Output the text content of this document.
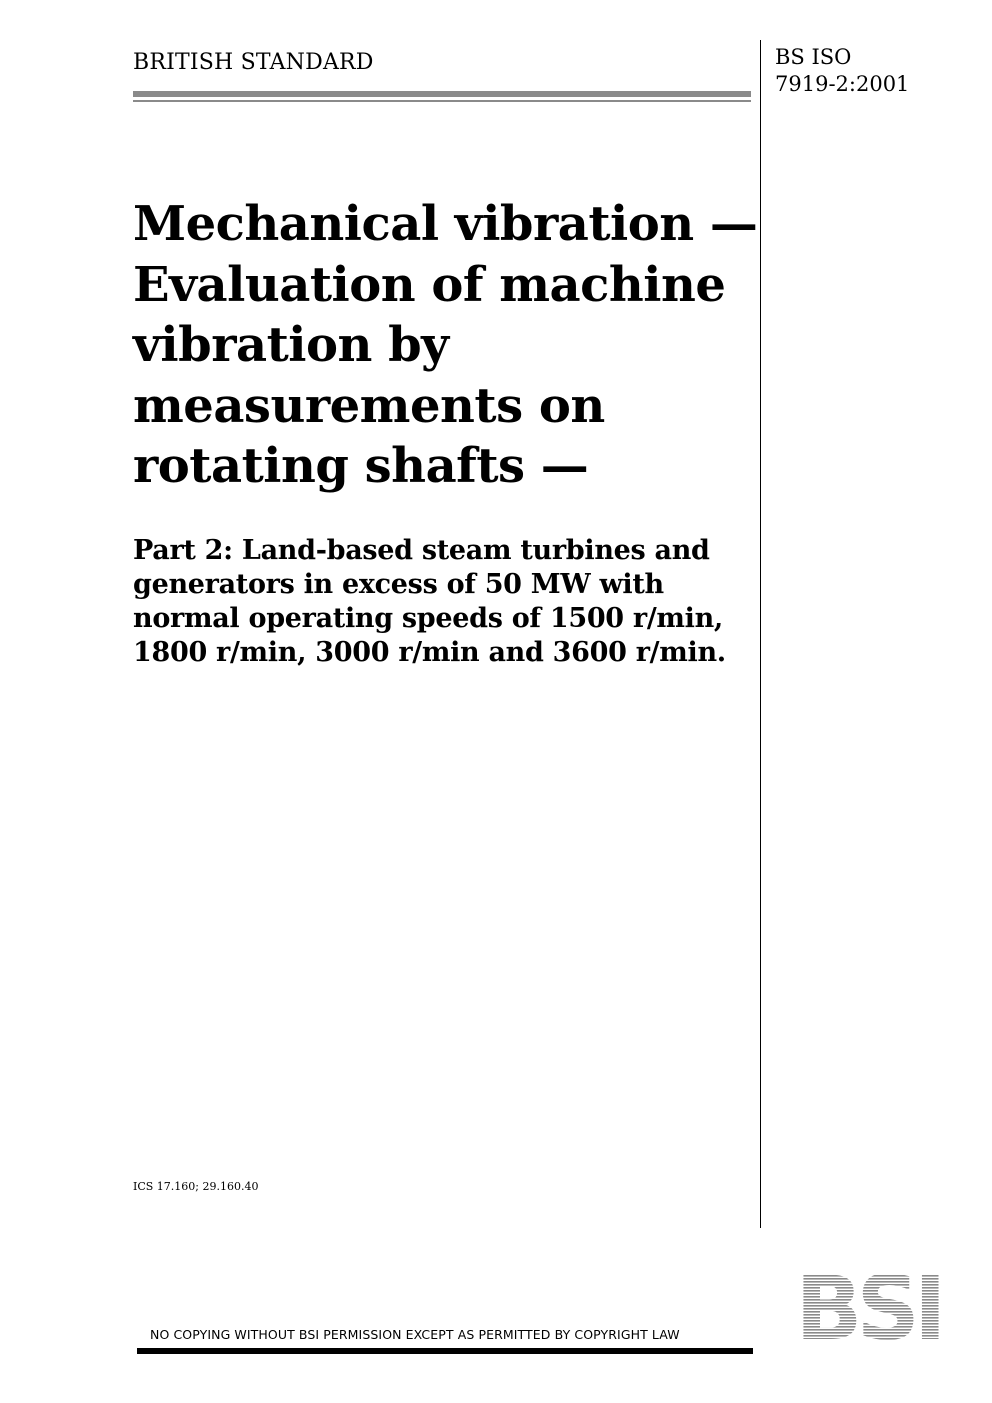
BRITISH STANDARD	BS ISO
7919-2:2001
Mechanical vibration —
Evaluation of machine
vibration by
measurements on
rotating shafts —
Part 2: Land-based steam turbines and
generators in excess of 50 MW with
normal operating speeds of 1500 r/min,
1800 r/min, 3000 r/min and 3600 r/min.
ICS 17.160; 29.160.40
NO COPYING WITHOUT BSI PERMISSION EXCEPT AS PERMITTED BY COPYRIGHT LAW BSI
